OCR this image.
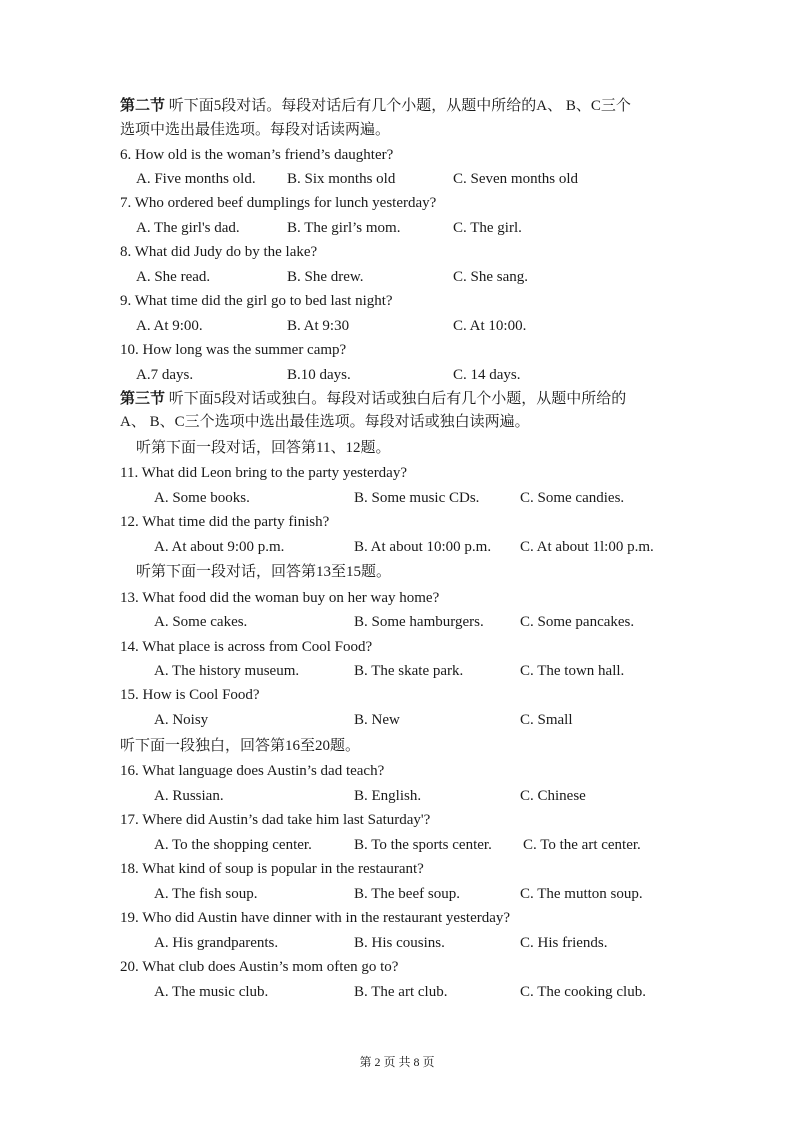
第二节 听下面5段对话。每段对话后有几个小题，从题中所给的A、 B、C三个
选项中选出最佳选项。每段对话读两遍。
6. How old is the woman’s friend’s daughter?
A. Five months old. B. Six months old	C. Seven months old
7. Who ordered beef dumplings for lunch yesterday?
A. The girl's dad.	B. The girl’s mom.	C. The girl.
8. What did Judy do by the lake?
A. She read.	B. She drew.	C. She sang.
9. What time did the girl go to bed last night?
A. At 9:00.	B. At 9:30	C. At 10:00.
10. How long was the summer camp?
A.7 days.	B.10 days.	C. 14 days.
第三节 听下面5段对话或独白。每段对话或独白后有几个小题，从题中所给的
A、 B、C三个选项中选出最佳选项。每段对话或独白读两遍。
听第下面一段对话，回答第11、12题。
11. What did Leon bring to the party yesterday?
A. Some books.	B. Some music CDs.	C. Some candies.
12. What time did the party finish?
A. At about 9:00 p.m.	B. At about 10:00 p.m. C. At about 1l:00 p.m.
听第下面一段对话，回答第13至15题。
13. What food did the woman buy on her way home?
A. Some cakes.	B. Some hamburgers. C. Some pancakes.
14. What place is across from Cool Food?
A. The history museum.	B. The skate park.	C. The town hall.
15. How is Cool Food?
A. Noisy	B. New	C. Small
听下面一段独白，回答第16至20题。
16. What language does Austin’s dad teach?
A. Russian.	B. English.	C. Chinese
17. Where did Austin’s dad take him last Saturday'?
A. To the shopping center.	B. To the sports center. C. To the art center.
18. What kind of soup is popular in the restaurant?
A. The fish soup.	B. The beef soup.	C. The mutton soup.
19. Who did Austin have dinner with in the restaurant yesterday?
A. His grandparents.	B. His cousins.	C. His friends.
20. What club does Austin’s mom often go to?
A. The music club.	B. The art club.	C. The cooking club.
第 2 页 共 8 页
